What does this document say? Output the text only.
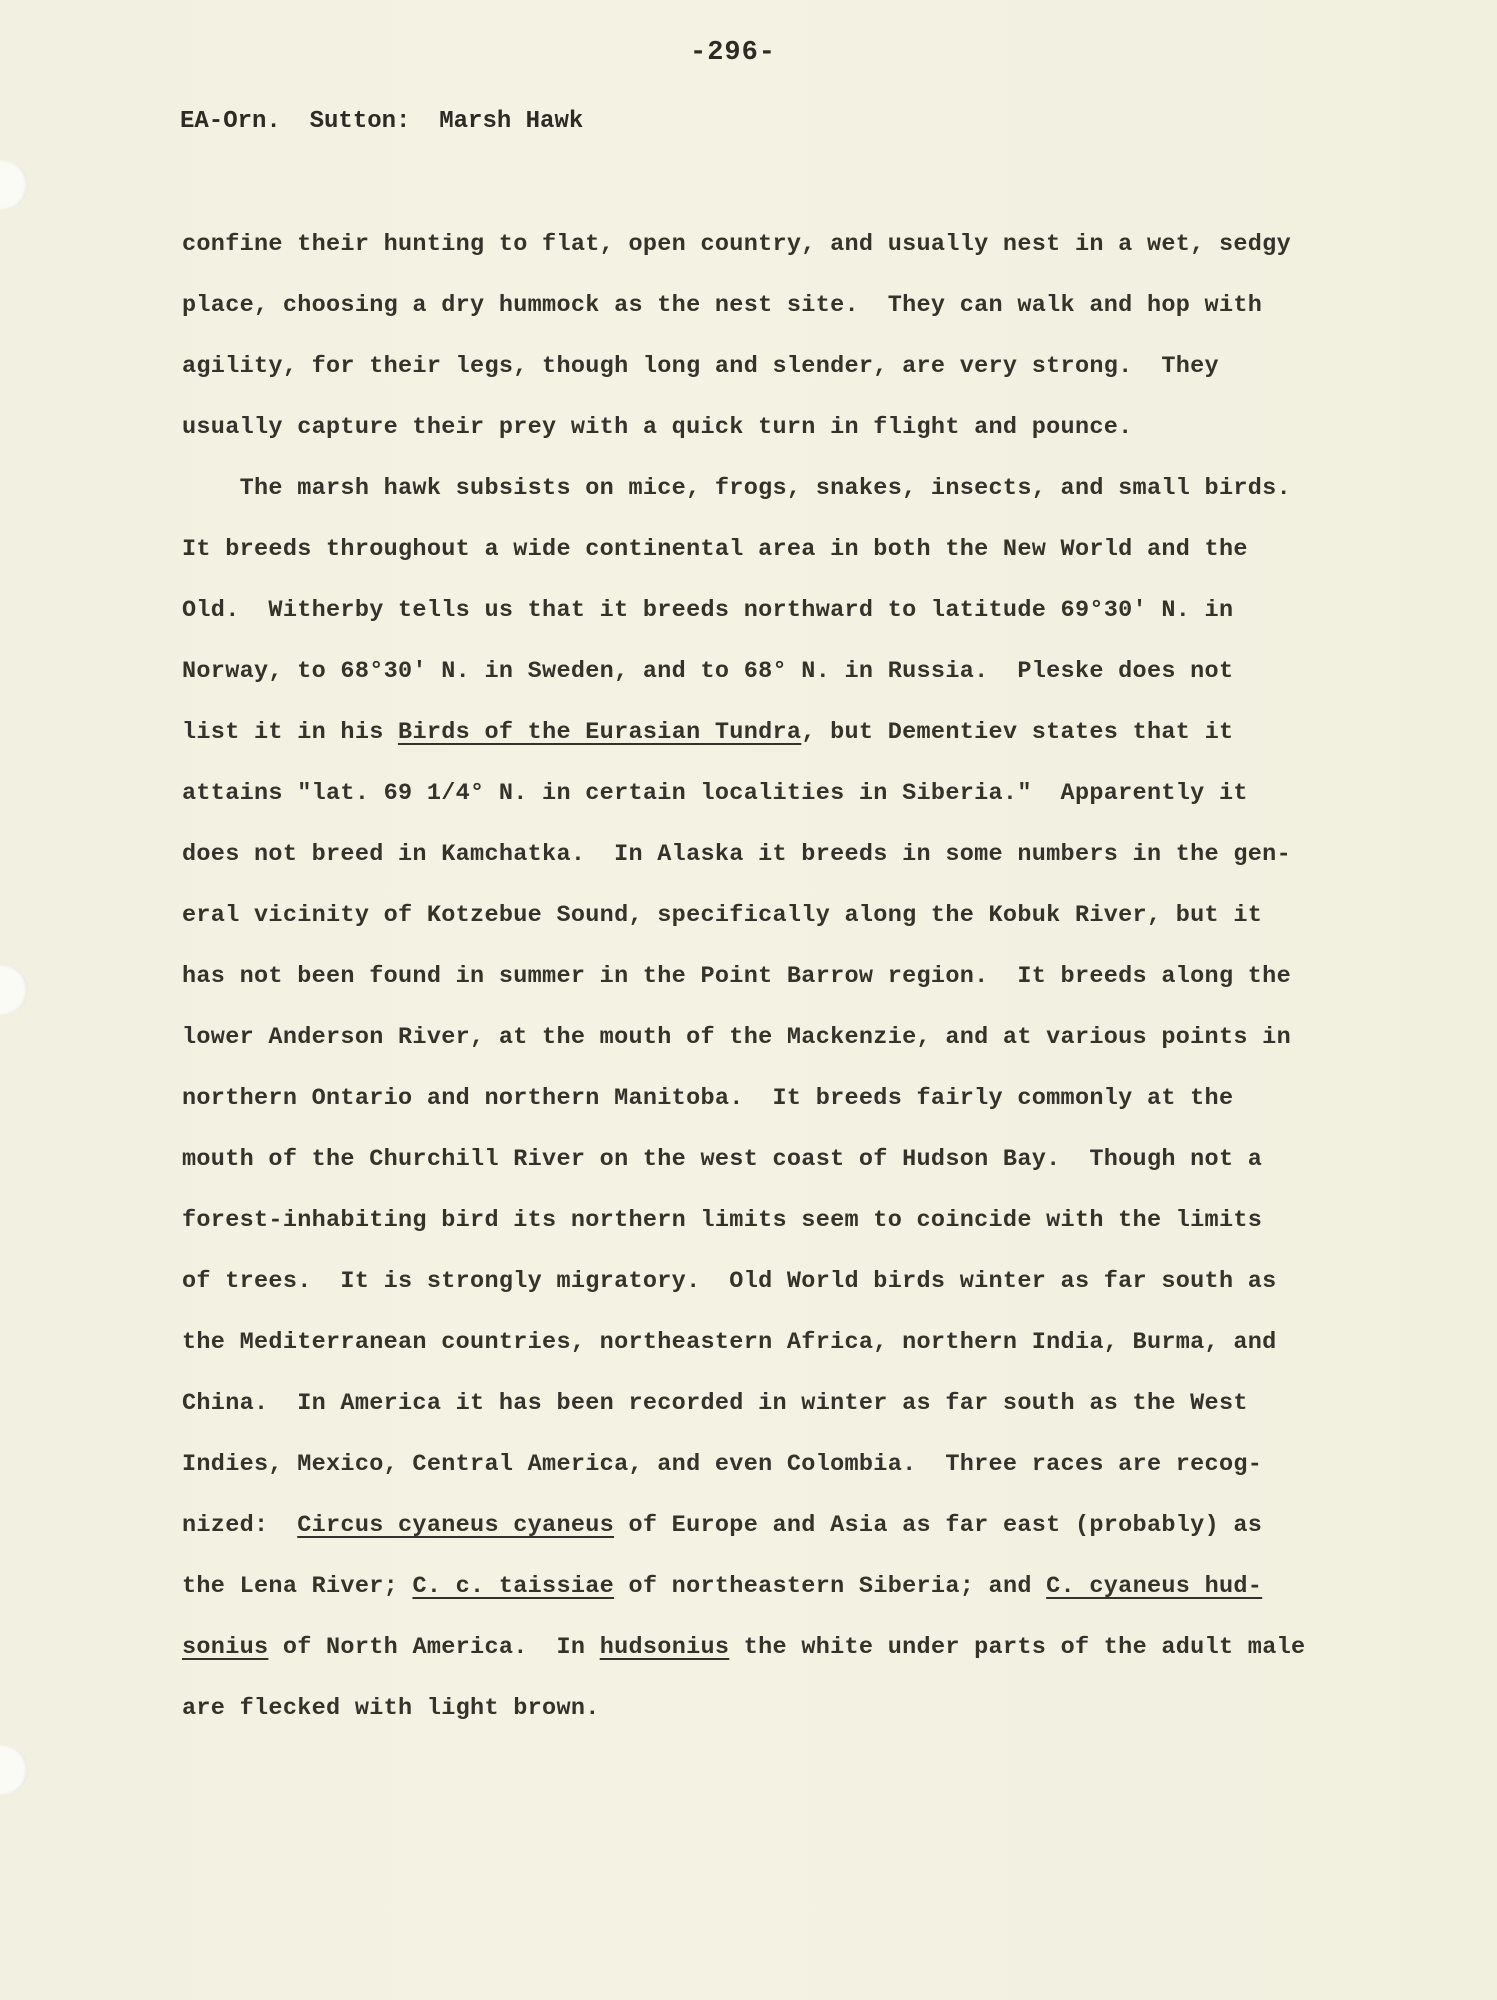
-296-
EA-Orn.  Sutton:  Marsh Hawk
confine their hunting to flat, open country, and usually nest in a wet, sedgy
place, choosing a dry hummock as the nest site.  They can walk and hop with
agility, for their legs, though long and slender, are very strong.  They
usually capture their prey with a quick turn in flight and pounce.
The marsh hawk subsists on mice, frogs, snakes, insects, and small birds.
It breeds throughout a wide continental area in both the New World and the
Old.  Witherby tells us that it breeds northward to latitude 69°30' N. in
Norway, to 68°30' N. in Sweden, and to 68° N. in Russia.  Pleske does not
list it in his Birds of the Eurasian Tundra, but Dementiev states that it
attains "lat. 69 1/4° N. in certain localities in Siberia."  Apparently it
does not breed in Kamchatka.  In Alaska it breeds in some numbers in the gen-
eral vicinity of Kotzebue Sound, specifically along the Kobuk River, but it
has not been found in summer in the Point Barrow region.  It breeds along the
lower Anderson River, at the mouth of the Mackenzie, and at various points in
northern Ontario and northern Manitoba.  It breeds fairly commonly at the
mouth of the Churchill River on the west coast of Hudson Bay.  Though not a
forest-inhabiting bird its northern limits seem to coincide with the limits
of trees.  It is strongly migratory.  Old World birds winter as far south as
the Mediterranean countries, northeastern Africa, northern India, Burma, and
China.  In America it has been recorded in winter as far south as the West
Indies, Mexico, Central America, and even Colombia.  Three races are recog-
nized:  Circus cyaneus cyaneus of Europe and Asia as far east (probably) as
the Lena River; C. c. taissiae of northeastern Siberia; and C. cyaneus hud-
sonius of North America.  In hudsonius the white under parts of the adult male
are flecked with light brown.
